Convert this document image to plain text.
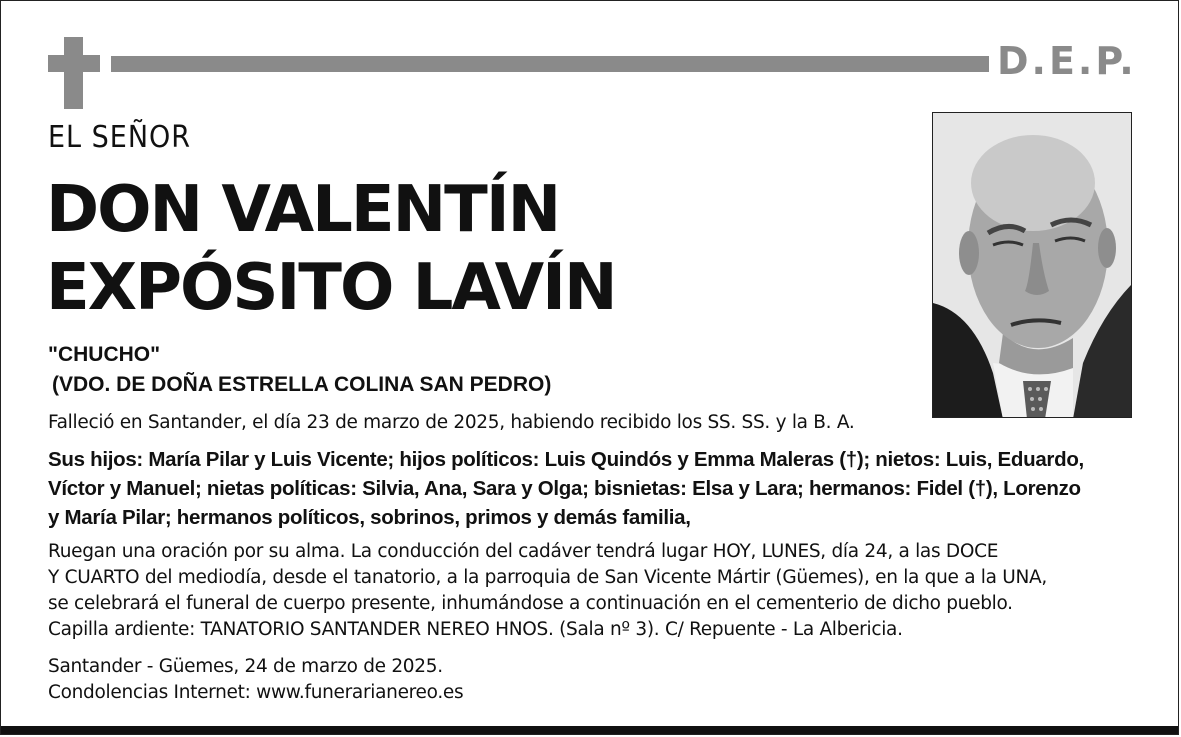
D.E.P.
EL SEÑOR
DON VALENTÍN
EXPÓSITO LAVÍN
"CHUCHO"
(VDO. DE DOÑA ESTRELLA COLINA SAN PEDRO)
Falleció en Santander, el día 23 de marzo de 2025, habiendo recibido los SS. SS. y la B. A.
Sus hijos: María Pilar y Luis Vicente; hijos políticos: Luis Quindós y Emma Maleras (†); nietos: Luis, Eduardo,
Víctor y Manuel; nietas políticas: Silvia, Ana, Sara y Olga; bisnietas: Elsa y Lara; hermanos: Fidel (†), Lorenzo
y María Pilar; hermanos políticos, sobrinos, primos y demás familia,
Ruegan una oración por su alma. La conducción del cadáver tendrá lugar HOY, LUNES, día 24, a las DOCE
Y CUARTO del mediodía, desde el tanatorio, a la parroquia de San Vicente Mártir (Güemes), en la que a la UNA,
se celebrará el funeral de cuerpo presente, inhumándose a continuación en el cementerio de dicho pueblo.
Capilla ardiente: TANATORIO SANTANDER NEREO HNOS. (Sala nº 3). C/ Repuente - La Albericia.
Santander - Güemes, 24 de marzo de 2025.
Condolencias Internet: www.funerarianereo.es
